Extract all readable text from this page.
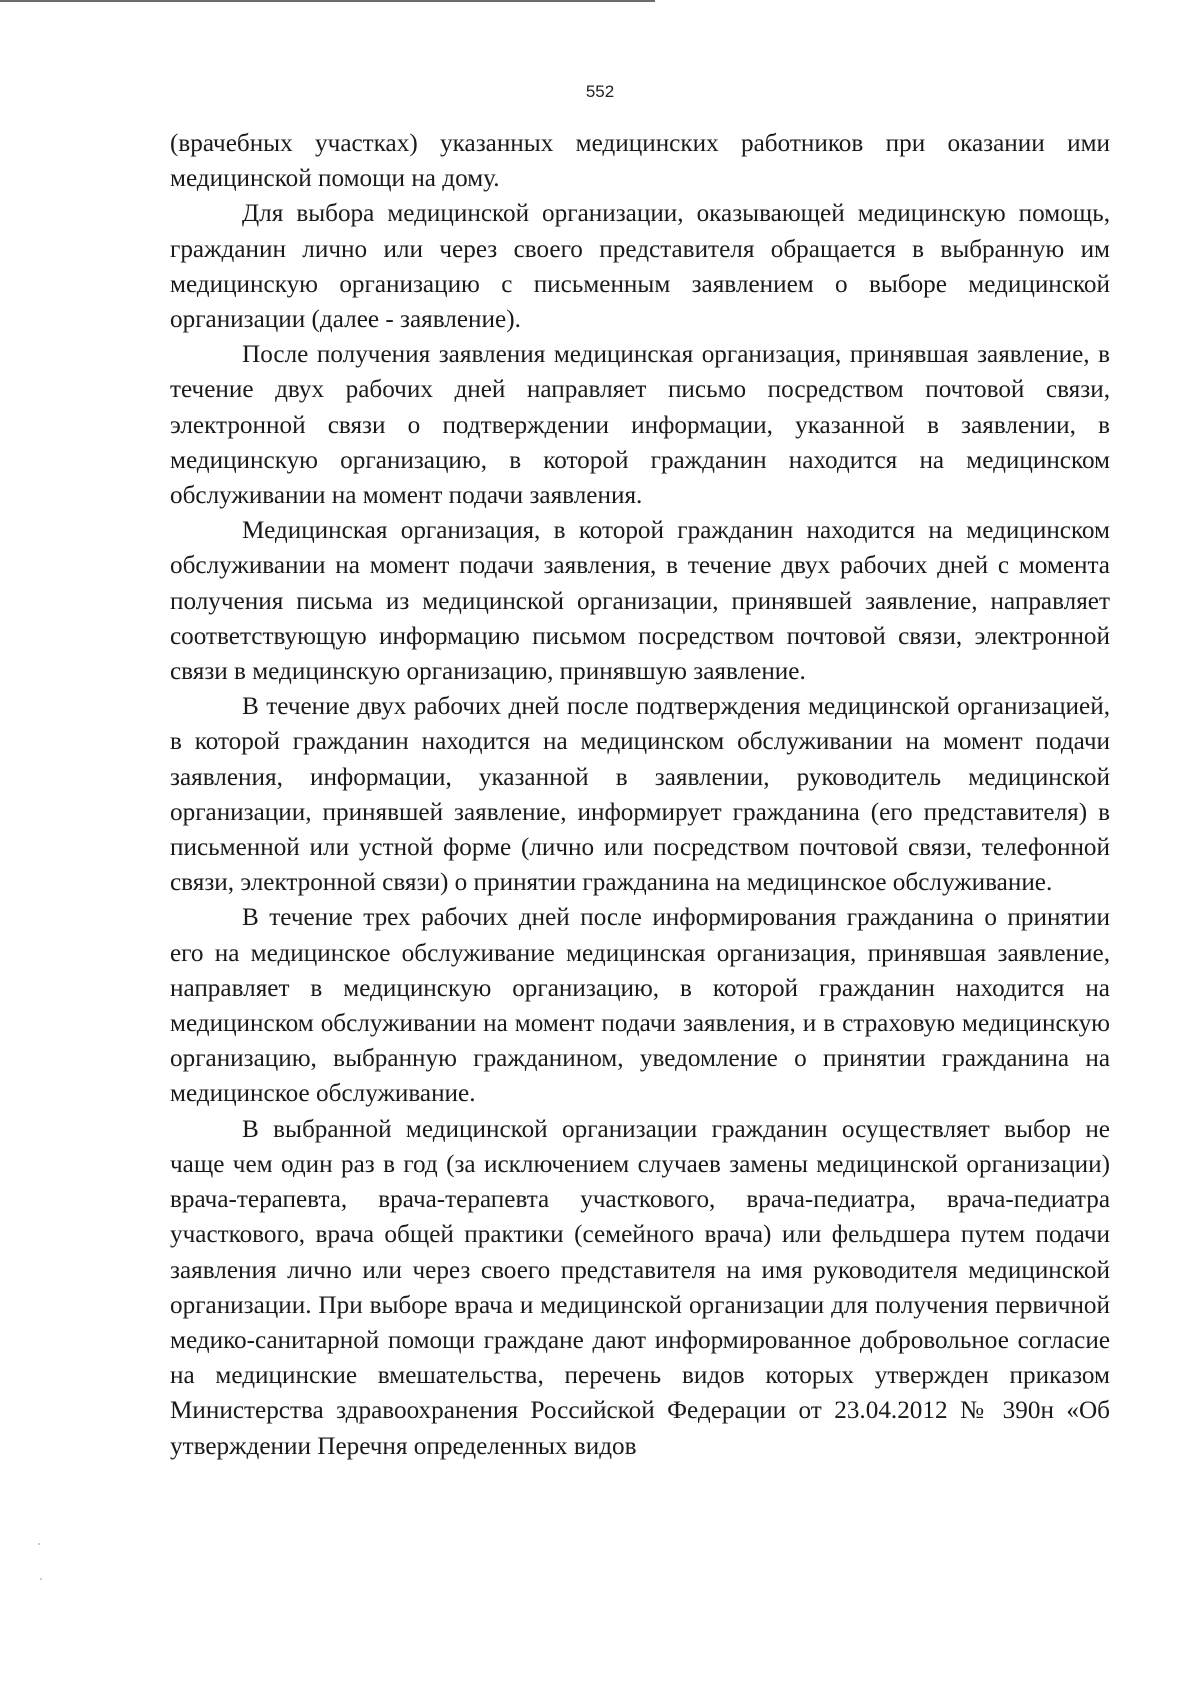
552

(врачебных участках) указанных медицинских работников при оказании ими медицинской помощи на дому.

Для выбора медицинской организации, оказывающей медицинскую помощь, гражданин лично или через своего представителя обращается в выбранную им медицинскую организацию с письменным заявлением о выборе медицинской организации (далее - заявление).

После получения заявления медицинская организация, принявшая заявление, в течение двух рабочих дней направляет письмо посредством почтовой связи, электронной связи о подтверждении информации, указанной в заявлении, в медицинскую организацию, в которой гражданин находится на медицинском обслуживании на момент подачи заявления.

Медицинская организация, в которой гражданин находится на медицинском обслуживании на момент подачи заявления, в течение двух рабочих дней с момента получения письма из медицинской организации, принявшей заявление, направляет соответствующую информацию письмом посредством почтовой связи, электронной связи в медицинскую организацию, принявшую заявление.

В течение двух рабочих дней после подтверждения медицинской организацией, в которой гражданин находится на медицинском обслуживании на момент подачи заявления, информации, указанной в заявлении, руководитель медицинской организации, принявшей заявление, информирует гражданина (его представителя) в письменной или устной форме (лично или посредством почтовой связи, телефонной связи, электронной связи) о принятии гражданина на медицинское обслуживание.

В течение трех рабочих дней после информирования гражданина о принятии его на медицинское обслуживание медицинская организация, принявшая заявление, направляет в медицинскую организацию, в которой гражданин находится на медицинском обслуживании на момент подачи заявления, и в страховую медицинскую организацию, выбранную гражданином, уведомление о принятии гражданина на медицинское обслуживание.

В выбранной медицинской организации гражданин осуществляет выбор не чаще чем один раз в год (за исключением случаев замены медицинской организации) врача-терапевта, врача-терапевта участкового, врача-педиатра, врача-педиатра участкового, врача общей практики (семейного врача) или фельдшера путем подачи заявления лично или через своего представителя на имя руководителя медицинской организации. При выборе врача и медицинской организации для получения первичной медико-санитарной помощи граждане дают информированное добровольное согласие на медицинские вмешательства, перечень видов которых утвержден приказом Министерства здравоохранения Российской Федерации от 23.04.2012 № 390н «Об утверждении Перечня определенных видов
